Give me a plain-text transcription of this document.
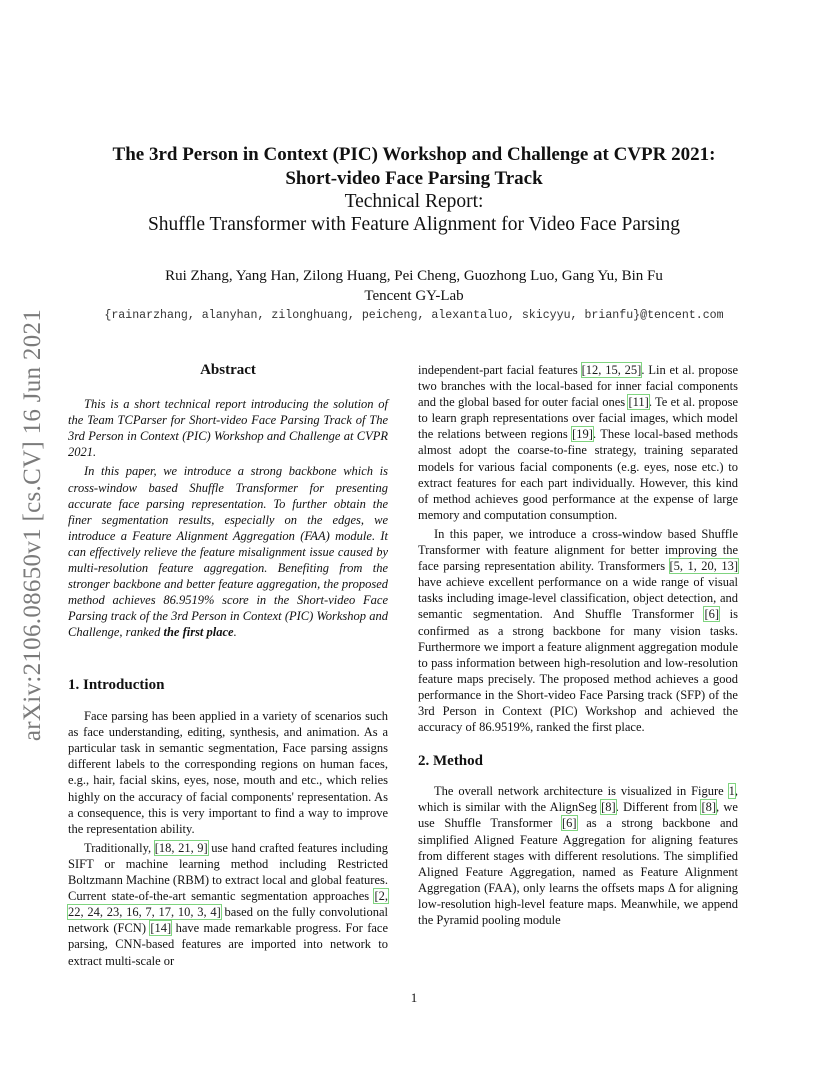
arXiv:2106.08650v1 [cs.CV] 16 Jun 2021
The 3rd Person in Context (PIC) Workshop and Challenge at CVPR 2021:
Short-video Face Parsing Track
Technical Report:
Shuffle Transformer with Feature Alignment for Video Face Parsing
Rui Zhang, Yang Han, Zilong Huang, Pei Cheng, Guozhong Luo, Gang Yu, Bin Fu
Tencent GY-Lab
{rainarzhang, alanyhan, zilonghuang, peicheng, alexantaluo, skicyyu, brianfu}@tencent.com

Abstract

This is a short technical report introducing the solution of the Team TCParser for Short-video Face Parsing Track of The 3rd Person in Context (PIC) Workshop and Challenge at CVPR 2021.

In this paper, we introduce a strong backbone which is cross-window based Shuffle Transformer for presenting accurate face parsing representation. To further obtain the finer segmentation results, especially on the edges, we introduce a Feature Alignment Aggregation (FAA) module. It can effectively relieve the feature misalignment issue caused by multi-resolution feature aggregation. Benefiting from the stronger backbone and better feature aggregation, the proposed method achieves 86.9519% score in the Short-video Face Parsing track of the 3rd Person in Context (PIC) Workshop and Challenge, ranked the first place.

1. Introduction

Face parsing has been applied in a variety of scenarios such as face understanding, editing, synthesis, and animation. As a particular task in semantic segmentation, Face parsing assigns different labels to the corresponding regions on human faces, e.g., hair, facial skins, eyes, nose, mouth and etc., which relies highly on the accuracy of facial components' representation. As a consequence, this is very important to find a way to improve the representation ability.

Traditionally, [18, 21, 9] use hand crafted features including SIFT or machine learning method including Restricted Boltzmann Machine (RBM) to extract local and global features. Current state-of-the-art semantic segmentation approaches [2, 22, 24, 23, 16, 7, 17, 10, 3, 4] based on the fully convolutional network (FCN) [14] have made remarkable progress. For face parsing, CNN-based features are imported into network to extract multi-scale or

independent-part facial features [12, 15, 25]. Lin et al. propose two branches with the local-based for inner facial components and the global based for outer facial ones [11]. Te et al. propose to learn graph representations over facial images, which model the relations between regions [19]. These local-based methods almost adopt the coarse-to-fine strategy, training separated models for various facial components (e.g. eyes, nose etc.) to extract features for each part individually. However, this kind of method achieves good performance at the expense of large memory and computation consumption.

In this paper, we introduce a cross-window based Shuffle Transformer with feature alignment for better improving the face parsing representation ability. Transformers [5, 1, 20, 13] have achieve excellent performance on a wide range of visual tasks including image-level classification, object detection, and semantic segmentation. And Shuffle Transformer [6] is confirmed as a strong backbone for many vision tasks. Furthermore we import a feature alignment aggregation module to pass information between high-resolution and low-resolution feature maps precisely. The proposed method achieves a good performance in the Short-video Face Parsing track (SFP) of the 3rd Person in Context (PIC) Workshop and achieved the accuracy of 86.9519%, ranked the first place.

2. Method

The overall network architecture is visualized in Figure 1, which is similar with the AlignSeg [8]. Different from [8], we use Shuffle Transformer [6] as a strong backbone and simplified Aligned Feature Aggregation for aligning features from different stages with different resolutions. The simplified Aligned Feature Aggregation, named as Feature Alignment Aggregation (FAA), only learns the offsets maps Δ for aligning low-resolution high-level feature maps. Meanwhile, we append the Pyramid pooling module

1
